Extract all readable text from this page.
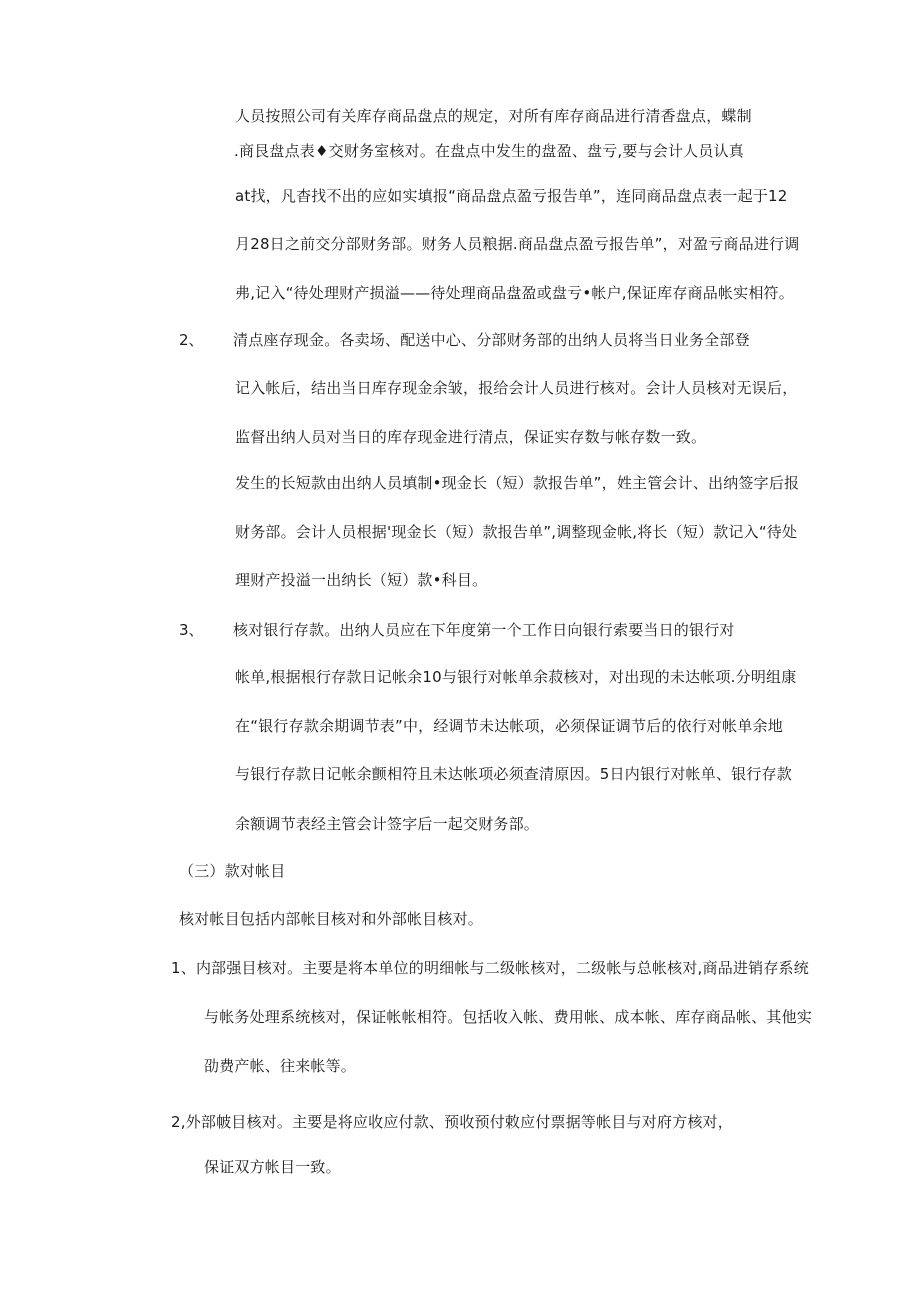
人员按照公司有关库存商品盘点的规定，对所有库存商品进行清香盘点，蝶制
.商艮盘点表♦交财务室核对。在盘点中发生的盘盈、盘亏,要与会计人员认真
at找，凡杳找不出的应如实填报“商品盘点盈亏报告单”，连同商品盘点表一起于12
月28日之前交分部财务部。财务人员粮据.商品盘点盈亏报告单”，对盈亏商品进行调
弗,记入“待处理财产损溢——待处理商品盘盈或盘亏•帐户,保证库存商品帐实相符。
2、 清点座存现金。各卖场、配送中心、分部财务部的出纳人员将当日业务全部登
记入帐后，结出当日库存现金余皱，报给会计人员进行核对。会计人员核对无误后，
监督出纳人员对当日的库存现金进行清点，保证实存数与帐存数一致。
发生的长短款由出纳人员填制•现金长（短）款报告单”，姓主管会计、出纳签字后报
财务部。会计人员根据'现金长（短）款报告单”,调整现金帐,将长（短）款记入“待处
理财产投溢一出纳长（短）款•科目。
3、 核对银行存款。出纳人员应在下年度第一个工作日向银行索要当日的银行对
帐单,根据根行存款日记帐余10与银行对帐单余菽核对，对出现的未达帐项.分明组康
在“银行存款余期调节表”中，经调节未达帐项，必须保证调节后的依行对帐单余地
与银行存款日记帐余颤相符且未达帐项必须查清原因。5日内银行对帐单、银行存款
余额调节表经主管会计签字后一起交财务部。
（三）款对帐目
核对帐目包括内部帐目核对和外部帐目核对。
1、内部强目核对。主要是将本单位的明细帐与二级帐核对，二级帐与总帐核对,商品进销存系统
与帐务处理系统核对，保证帐帐相符。包括收入帐、费用帐、成本帐、库存商品帐、其他实
劭费产帐、往来帐等。
2,外部帔目核对。主要是将应收应付款、预收预付敕应付票据等帐目与对府方核对，
保证双方帐目一致。
